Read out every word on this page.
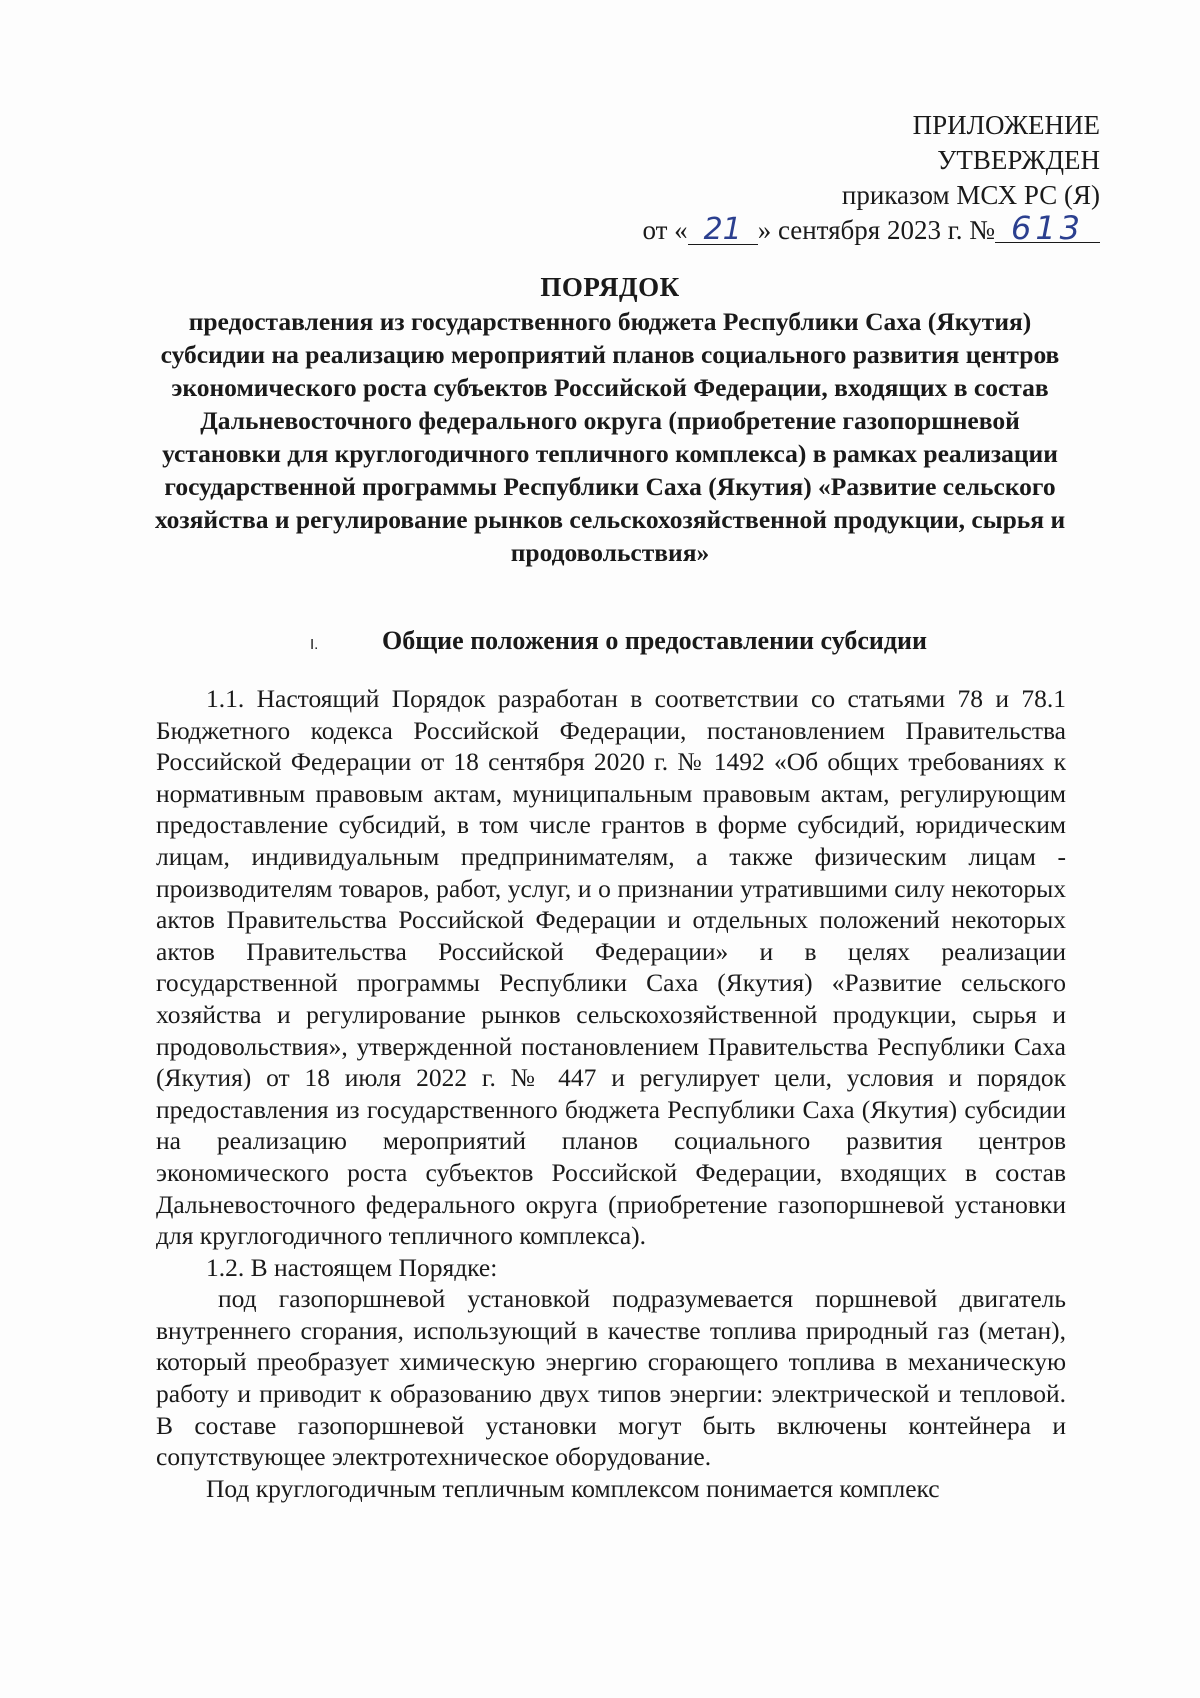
ПРИЛОЖЕНИЕ
УТВЕРЖДЕН
приказом МСХ РС (Я)
от « 21 » сентября 2023 г. № 613
ПОРЯДОК
предоставления из государственного бюджета Республики Саха (Якутия) субсидии на реализацию мероприятий планов социального развития центров экономического роста субъектов Российской Федерации, входящих в состав Дальневосточного федерального округа (приобретение газопоршневой установки для круглогодичного тепличного комплекса) в рамках реализации государственной программы Республики Саха (Якутия) «Развитие сельского хозяйства и регулирование рынков сельскохозяйственной продукции, сырья и продовольствия»
I. Общие положения о предоставлении субсидии

1.1. Настоящий Порядок разработан в соответствии со статьями 78 и 78.1 Бюджетного кодекса Российской Федерации, постановлением Правительства Российской Федерации от 18 сентября 2020 г. № 1492 «Об общих требованиях к нормативным правовым актам, муниципальным правовым актам, регулирующим предоставление субсидий, в том числе грантов в форме субсидий, юридическим лицам, индивидуальным предпринимателям, а также физическим лицам - производителям товаров, работ, услуг, и о признании утратившими силу некоторых актов Правительства Российской Федерации и отдельных положений некоторых актов Правительства Российской Федерации» и в целях реализации государственной программы Республики Саха (Якутия) «Развитие сельского хозяйства и регулирование рынков сельскохозяйственной продукции, сырья и продовольствия», утвержденной постановлением Правительства Республики Саха (Якутия) от 18 июля 2022 г. № 447 и регулирует цели, условия и порядок предоставления из государственного бюджета Республики Саха (Якутия) субсидии на реализацию мероприятий планов социального развития центров экономического роста субъектов Российской Федерации, входящих в состав Дальневосточного федерального округа (приобретение газопоршневой установки для круглогодичного тепличного комплекса).

1.2. В настоящем Порядке:

под газопоршневой установкой подразумевается поршневой двигатель внутреннего сгорания, использующий в качестве топлива природный газ (метан), который преобразует химическую энергию сгорающего топлива в механическую работу и приводит к образованию двух типов энергии: электрической и тепловой. В составе газопоршневой установки могут быть включены контейнера и сопутствующее электротехническое оборудование.

Под круглогодичным тепличным комплексом понимается комплекс
